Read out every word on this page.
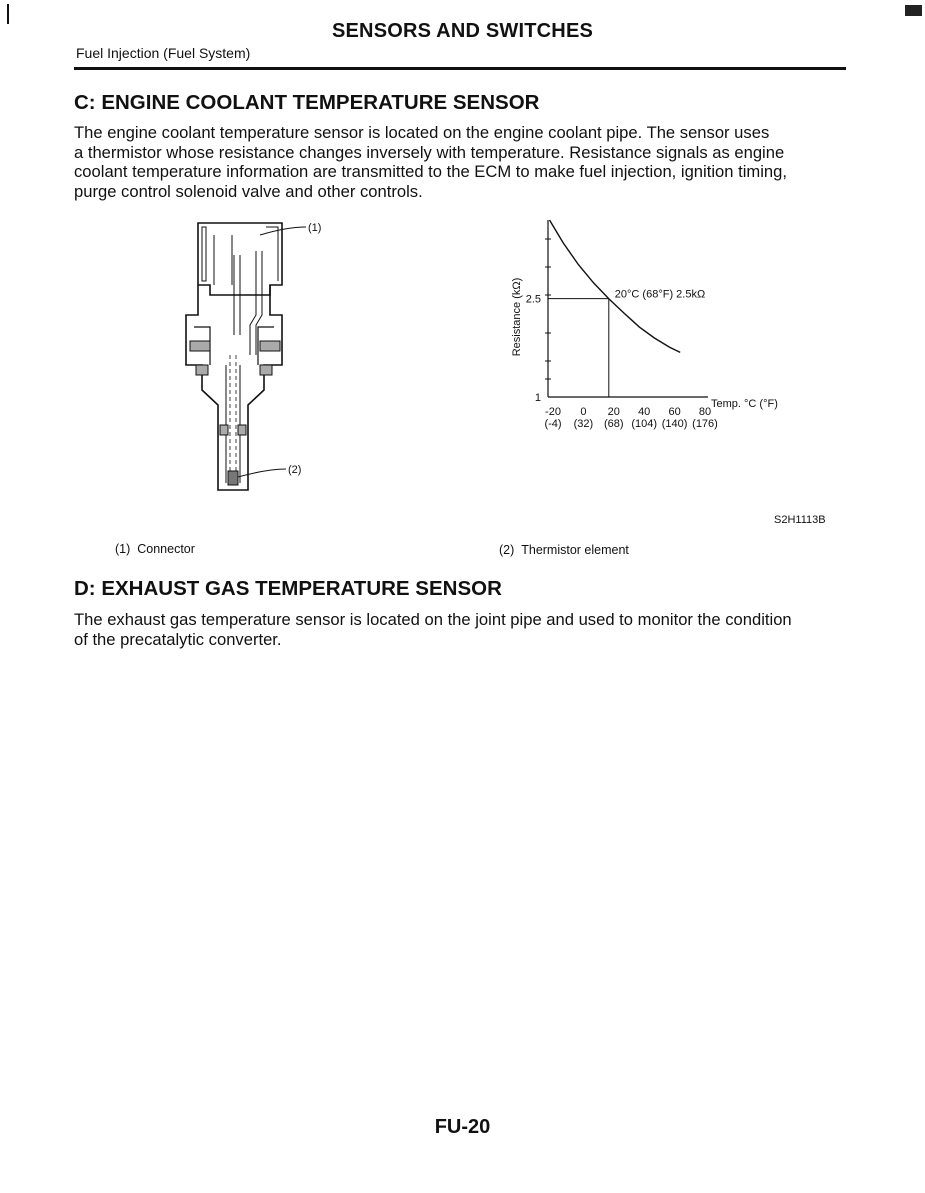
SENSORS AND SWITCHES
Fuel Injection (Fuel System)
C: ENGINE COOLANT TEMPERATURE SENSOR
The engine coolant temperature sensor is located on the engine coolant pipe. The sensor uses
a thermistor whose resistance changes inversely with temperature. Resistance signals as engine
coolant temperature information are transmitted to the ECM to make fuel injection, ignition timing,
purge control solenoid valve and other controls.
(1)
(2)
1
2.5
-20
(-4)
0
(32)
20
(68)
40
(104)
60
(140)
80
(176)
Resistance (kΩ)
Temp. °C (°F)
20°C (68°F) 2.5kΩ
S2H1113B
(1) Connector	(2) Thermistor element
D: EXHAUST GAS TEMPERATURE SENSOR
The exhaust gas temperature sensor is located on the joint pipe and used to monitor the condition
of the precatalytic converter.
FU-20
